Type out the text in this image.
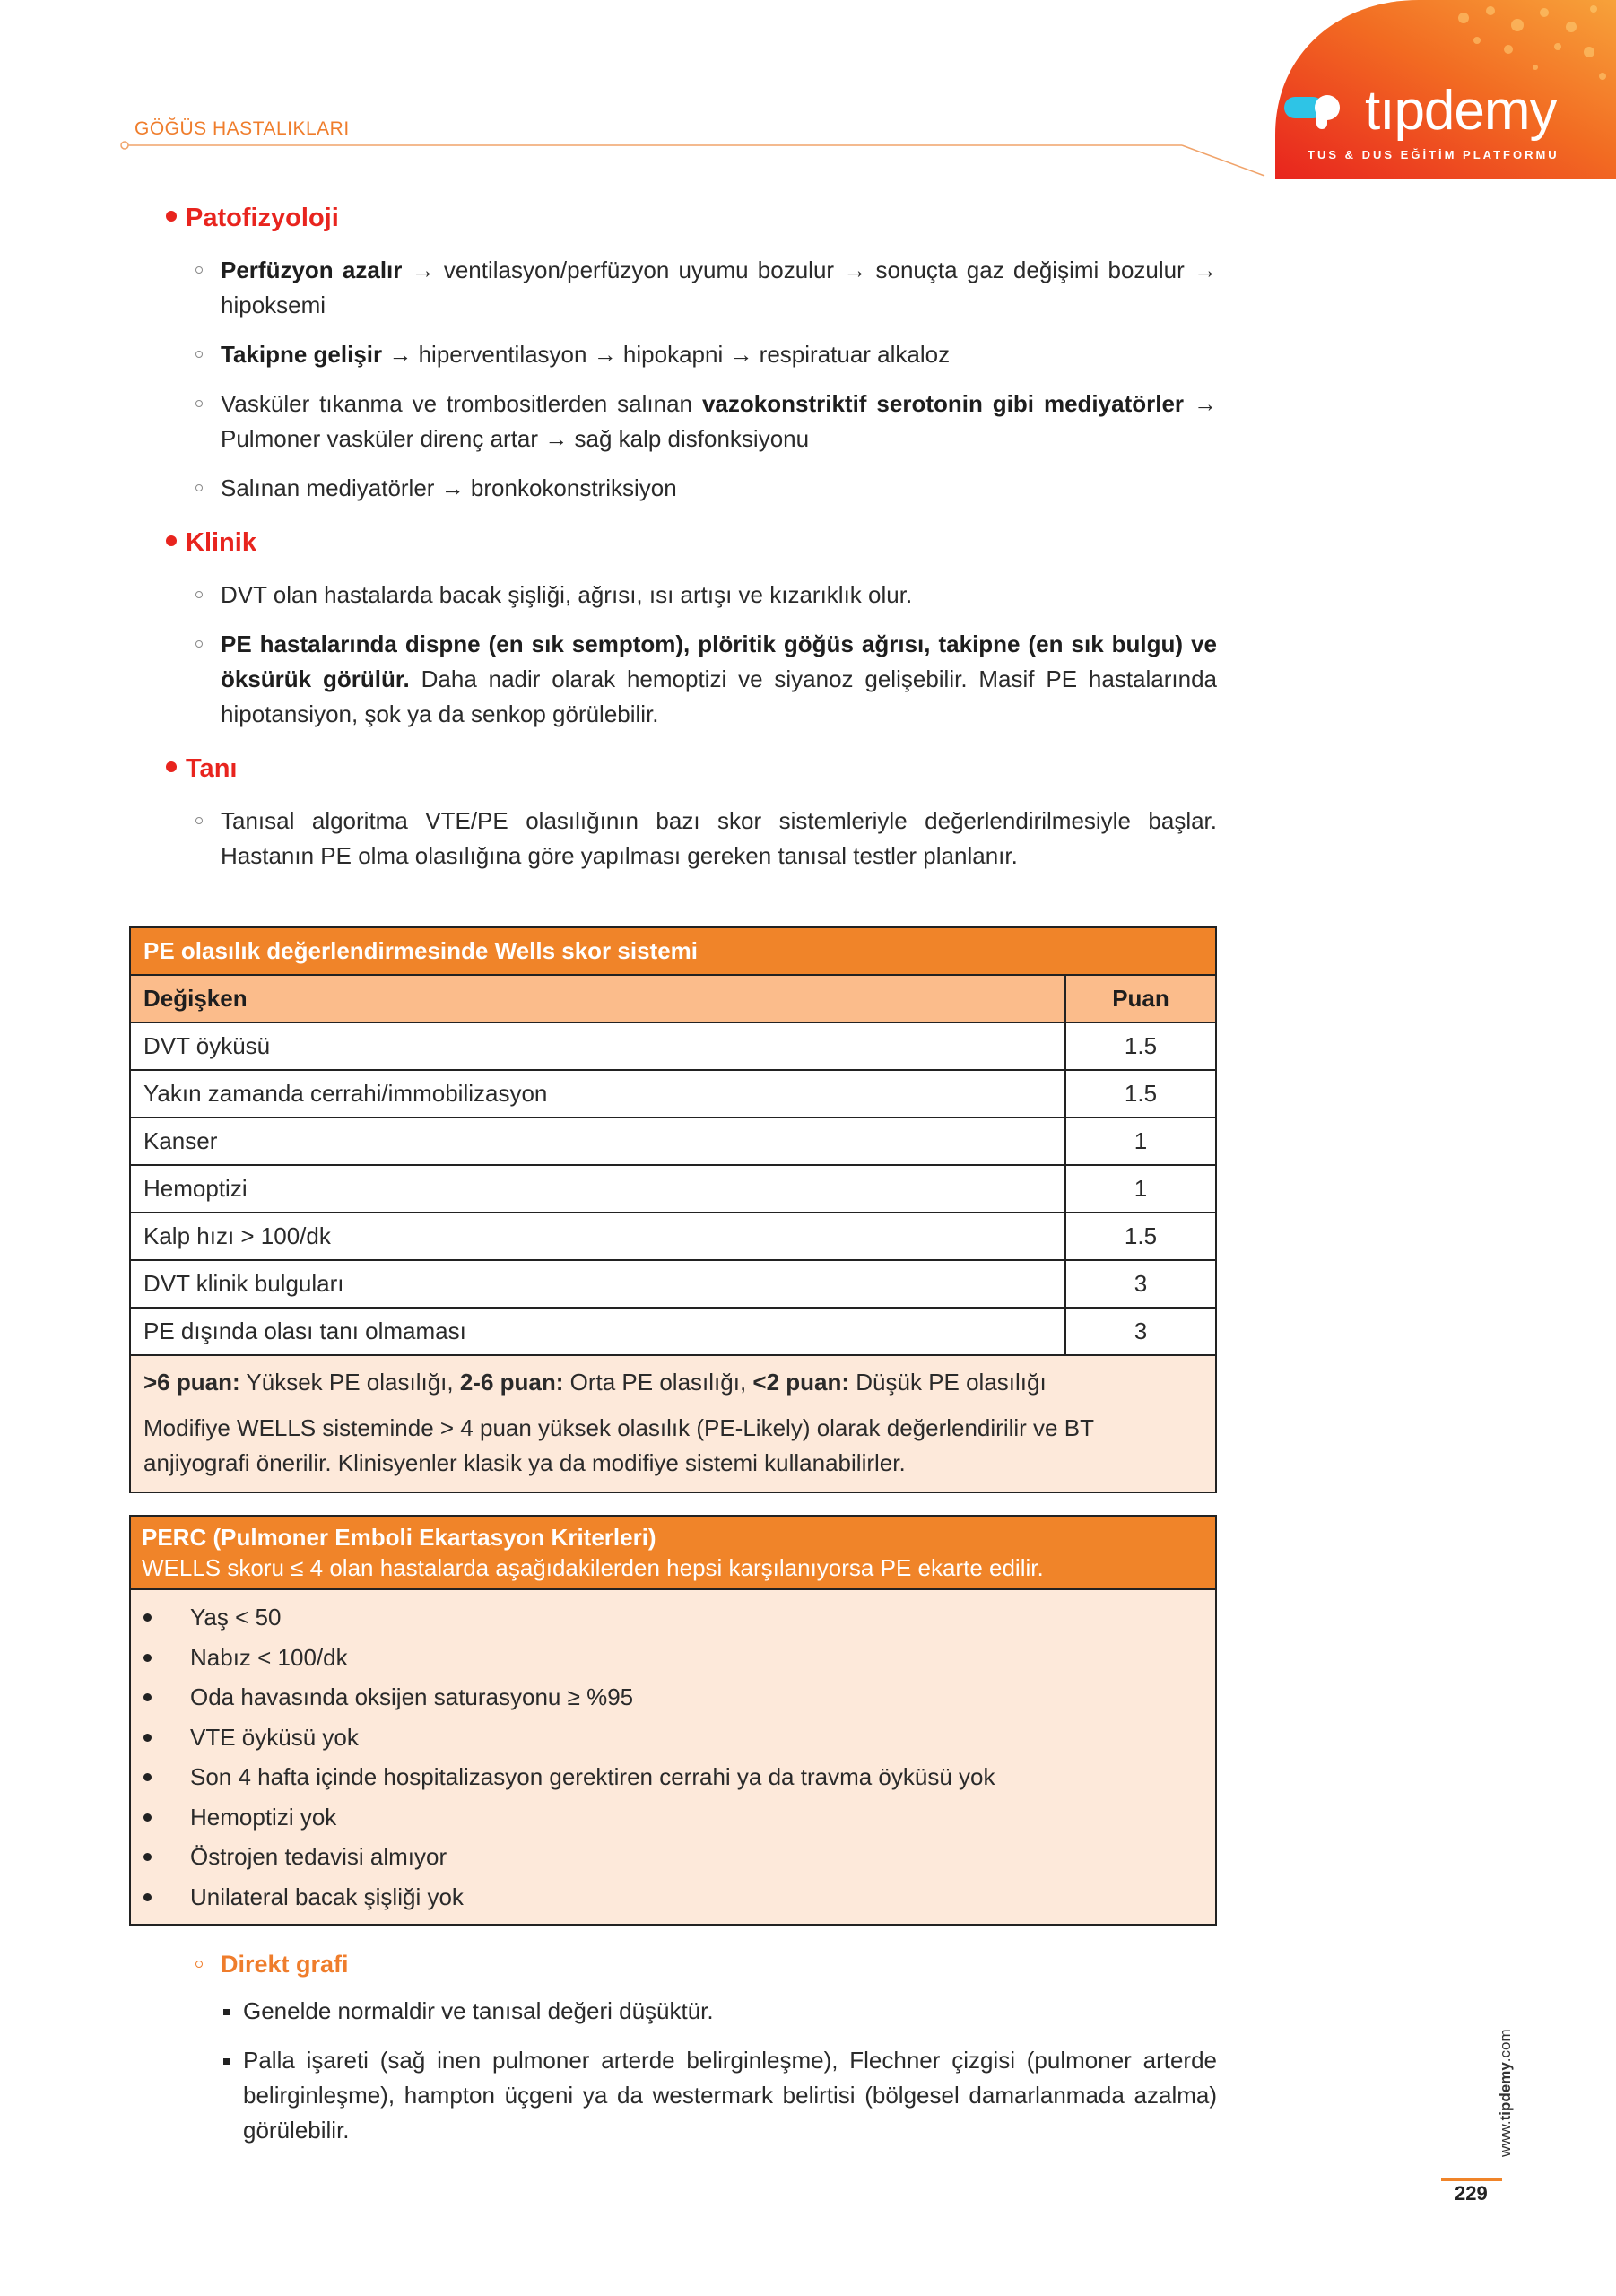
GÖĞÜS HASTALIKLARI	tıpdemy
TUS & DUS EĞİTİM PLATFORMU
Patofizyoloji
Perfüzyon azalır → ventilasyon/perfüzyon uyumu bozulur → sonuçta gaz değişimi bozulur → hipoksemi
Takipne gelişir → hiperventilasyon → hipokapni → respiratuar alkaloz
Vasküler tıkanma ve trombositlerden salınan vazokonstriktif serotonin gibi mediyatörler → Pulmoner vasküler direnç artar → sağ kalp disfonksiyonu
Salınan mediyatörler → bronkokonstriksiyon
Klinik
DVT olan hastalarda bacak şişliği, ağrısı, ısı artışı ve kızarıklık olur.
PE hastalarında dispne (en sık semptom), plöritik göğüs ağrısı, takipne (en sık bulgu) ve öksürük görülür. Daha nadir olarak hemoptizi ve siyanoz gelişebilir. Masif PE hastalarında hipotansiyon, şok ya da senkop görülebilir.
Tanı
Tanısal algoritma VTE/PE olasılığının bazı skor sistemleriyle değerlendirilmesiyle başlar. Hastanın PE olma olasılığına göre yapılması gereken tanısal testler planlanır.
PE olasılık değerlendirmesinde Wells skor sistemi	
Değişken	Puan
DVT öyküsü	1.5
Yakın zamanda cerrahi/immobilizasyon	1.5
Kanser	1
Hemoptizi	1
Kalp hızı > 100/dk	1.5
DVT klinik bulguları	3
PE dışında olası tanı olmaması	3

>6 puan: Yüksek PE olasılığı, 2-6 puan: Orta PE olasılığı, <2 puan: Düşük PE olasılığı

Modifiye WELLS sisteminde > 4 puan yüksek olasılık (PE-Likely) olarak değerlendirilir ve BT anjiyografi önerilir. Klinisyenler klasik ya da modifiye sistemi kullanabilirler.	

PERC (Pulmoner Emboli Ekartasyon Kriterleri)
WELLS skoru ≤ 4 olan hastalarda aşağıdakilerden hepsi karşılanıyorsa PE ekarte edilir.
Yaş < 50
Nabız < 100/dk
Oda havasında oksijen saturasyonu ≥ %95
VTE öyküsü yok
Son 4 hafta içinde hospitalizasyon gerektiren cerrahi ya da travma öyküsü yok
Hemoptizi yok
Östrojen tedavisi almıyor
Unilateral bacak şişliği yok
Direkt grafi
Genelde normaldir ve tanısal değeri düşüktür.
Palla işareti (sağ inen pulmoner arterde belirginleşme), Flechner çizgisi (pulmoner arterde belirginleşme), hampton üçgeni ya da westermark belirtisi (bölgesel damarlanmada azalma) görülebilir.	www.tipdemy.com
229
